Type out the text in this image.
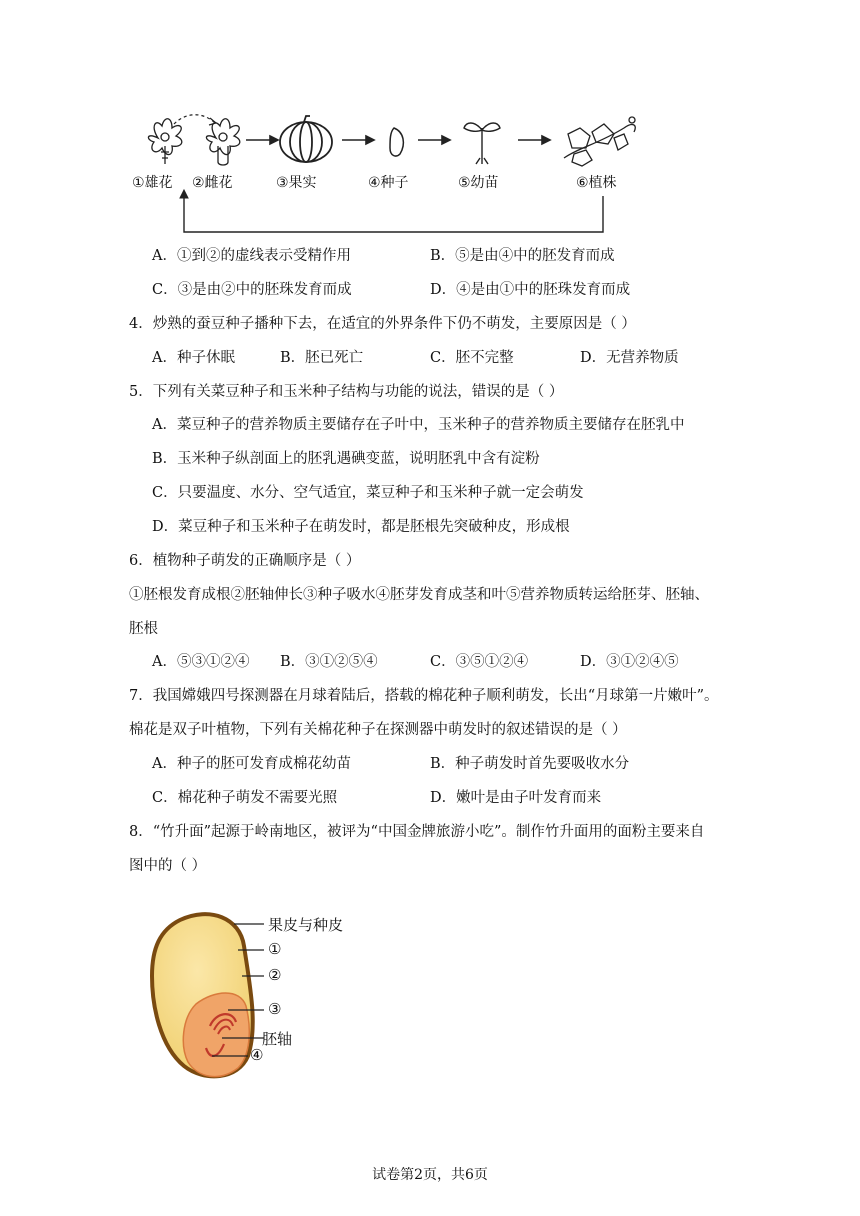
①雄花 ②雌花	③果实	④种子	⑤幼苗	⑥植株
A．①到②的虚线表示受精作用	B．⑤是由④中的胚发育而成
C．③是由②中的胚珠发育而成	D．④是由①中的胚珠发育而成
4．炒熟的蚕豆种子播种下去，在适宜的外界条件下仍不萌发，主要原因是（ ）
A．种子休眠	B．胚已死亡	C．胚不完整	D．无营养物质
5．下列有关菜豆种子和玉米种子结构与功能的说法，错误的是（ ）
A．菜豆种子的营养物质主要储存在子叶中，玉米种子的营养物质主要储存在胚乳中
B．玉米种子纵剖面上的胚乳遇碘变蓝，说明胚乳中含有淀粉
C．只要温度、水分、空气适宜，菜豆种子和玉米种子就一定会萌发
D．菜豆种子和玉米种子在萌发时，都是胚根先突破种皮，形成根
6．植物种子萌发的正确顺序是（ ）
①胚根发育成根②胚轴伸长③种子吸水④胚芽发育成茎和叶⑤营养物质转运给胚芽、胚轴、
胚根
A．⑤③①②④ B．③①②⑤④	C．③⑤①②④	D．③①②④⑤
7．我国嫦娥四号探测器在月球着陆后，搭载的棉花种子顺利萌发，长出“月球第一片嫩叶”。
棉花是双子叶植物，下列有关棉花种子在探测器中萌发时的叙述错误的是（ ）
A．种子的胚可发育成棉花幼苗	B．种子萌发时首先要吸收水分
C．棉花种子萌发不需要光照	D．嫩叶是由子叶发育而来
8．“竹升面”起源于岭南地区，被评为“中国金牌旅游小吃”。制作竹升面用的面粉主要来自
图中的（ ）
果皮与种皮
①
②
③
胚轴
④
试卷第2页，共6页
